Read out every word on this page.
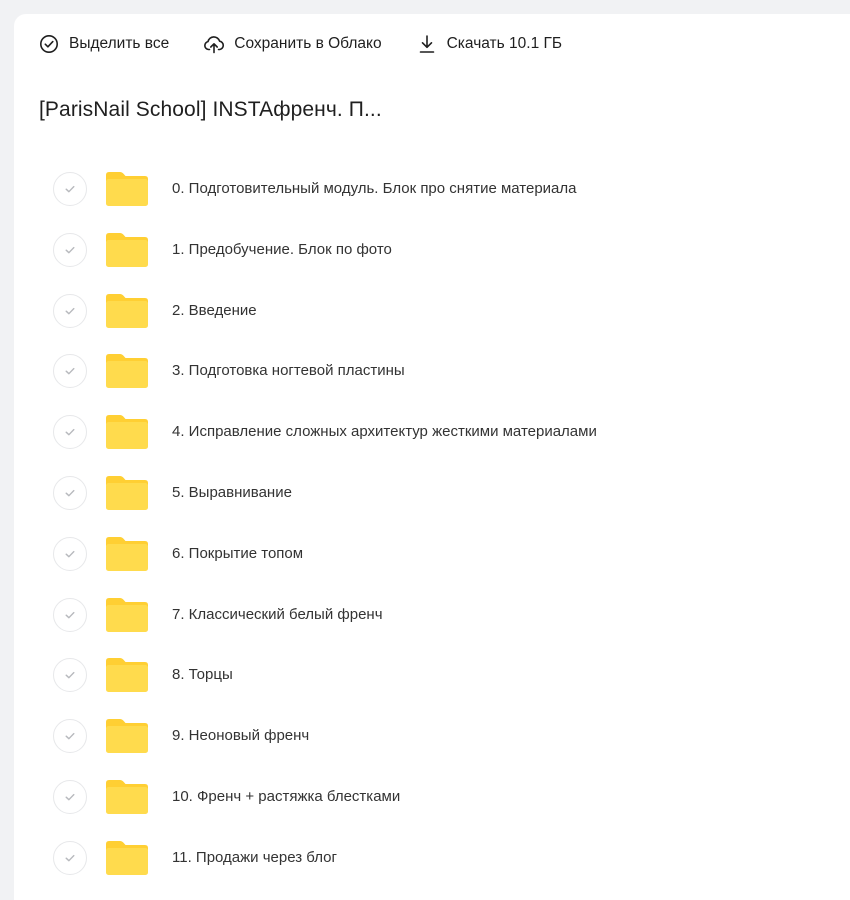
Выделить все	Сохранить в Облако	Скачать 10.1 ГБ
[ParisNail School] INSTAфренч. П...
0. Подготовительный модуль. Блок про снятие материала
1. Предобучение. Блок по фото
2. Введение
3. Подготовка ногтевой пластины
4. Исправление сложных архитектур жесткими материалами
5. Выравнивание
6. Покрытие топом
7. Классический белый френч
8. Торцы
9. Неоновый френч
10. Френч + растяжка блестками
11. Продажи через блог
